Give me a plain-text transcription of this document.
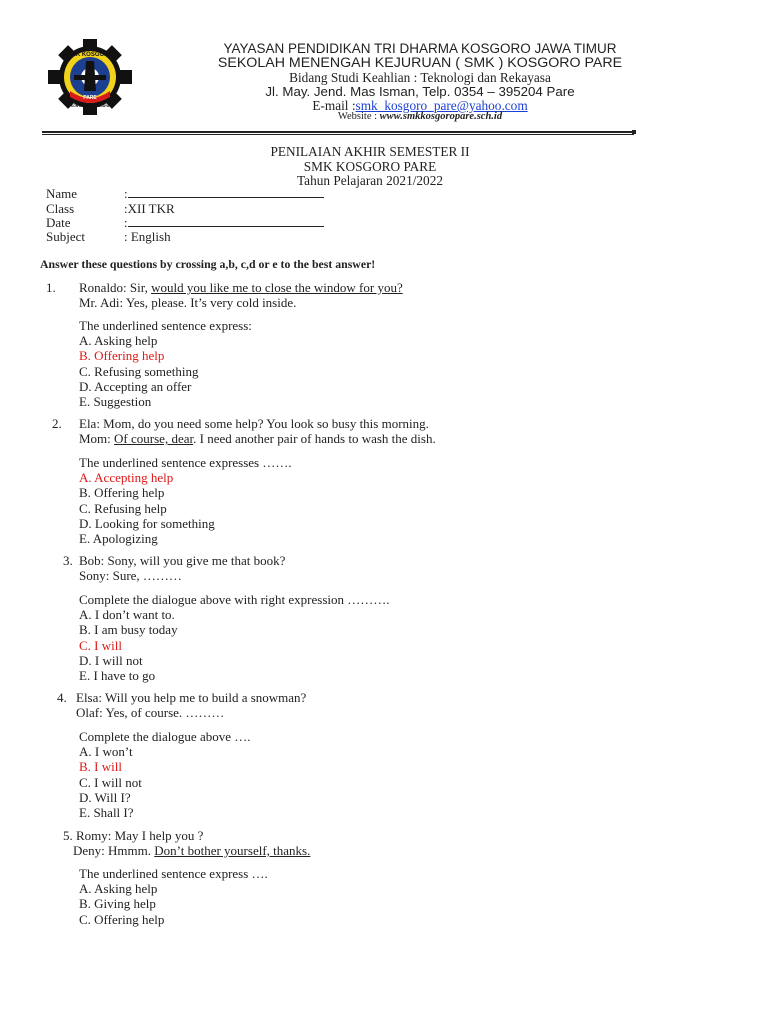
SMK KOSGORO
PARE
KONTRO ADHI BUDAYA
YAYASAN PENDIDIKAN TRI DHARMA KOSGORO JAWA TIMUR
SEKOLAH MENENGAH KEJURUAN ( SMK ) KOSGORO PARE
Bidang Studi Keahlian : Teknologi dan Rekayasa
Jl. May. Jend. Mas Isman, Telp. 0354 – 395204 Pare
E-mail :smk_kosgoro_pare@yahoo.com
Website : www.smkkosgoropare.sch.id
PENILAIAN AKHIR SEMESTER II
SMK KOSGORO PARE
Tahun Pelajaran 2021/2022
Name	:
Class	:XII TKR
Date	:
Subject	: English
Answer these questions by crossing a,b, c,d or e to the best answer!
1. Ronaldo: Sir, would you like me to close the window for you?
Mr. Adi: Yes, please. It’s very cold inside.
The underlined sentence express:
A. Asking help
B. Offering help
C. Refusing something
D. Accepting an offer
E. Suggestion
2. Ela: Mom, do you need some help? You look so busy this morning.
Mom: Of course, dear. I need another pair of hands to wash the dish.
The underlined sentence expresses …….
A. Accepting help
B. Offering help
C. Refusing help
D. Looking for something
E. Apologizing
3. Bob: Sony, will you give me that book?
Sony: Sure, ………
Complete the dialogue above with right expression ……….
A. I don’t want to.
B. I am busy today
C. I will
D. I will not
E. I have to go
4. Elsa: Will you help me to build a snowman?
Olaf: Yes, of course. ………
Complete the dialogue above ….
A. I won’t
B. I will
C. I will not
D. Will I?
E. Shall I?
5. Romy: May I help you ?
Deny: Hmmm. Don’t bother yourself, thanks.
The underlined sentence express ….
A. Asking help
B. Giving help
C. Offering help
